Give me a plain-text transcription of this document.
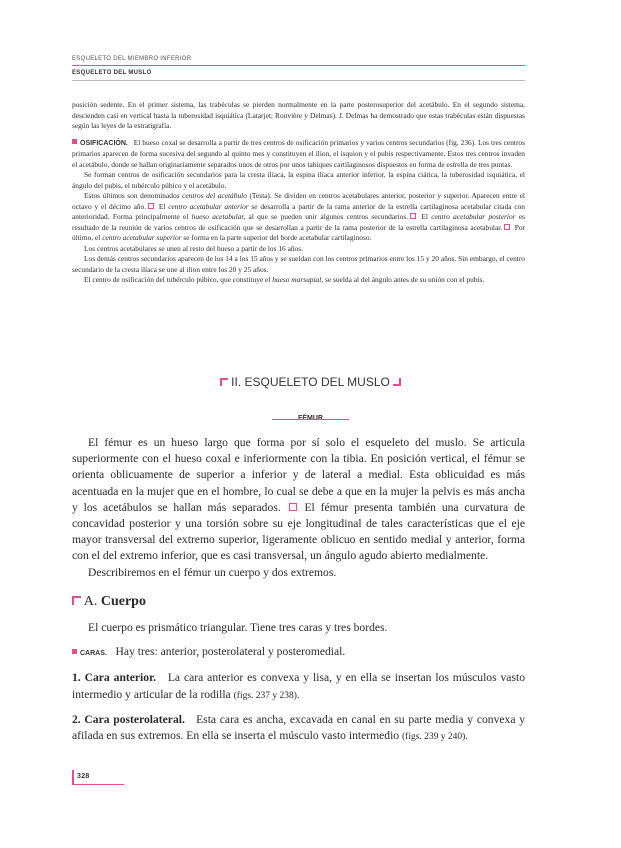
ESQUELETO DEL MIEMBRO INFERIOR
ESQUELETO DEL MUSLO

posición sedente. En el primer sistema, las trabéculas se pierden normalmente en la parte posterosuperior del acetábulo. En el segundo sistema, descienden casi en vertical hasta la tuberosidad isquiática (Latarjet; Rouvière y Delmas). J. Delmas ha demostrado que estas trabéculas están dispuestas según las leyes de la estratigrafía.

OSIFICACIÓN. El hueso coxal se desarrolla a partir de tres centros de osificación primarios y varios centros secundarios (fig. 236). Los tres centros primarios aparecen de forma sucesiva del segundo al quinto mes y constituyen el ilion, el isquion y el pubis respectivamente. Estos tres centros invaden el acetábulo, donde se hallan originariamente separados unos de otros por unos tabiques cartilaginosos dispuestos en forma de estrella de tres puntas.

Se forman centros de osificación secundarios para la cresta ilíaca, la espina ilíaca anterior inferior, la espina ciática, la tuberosidad isquiática, el ángulo del pubis, el tubérculo púbico y el acetábulo.

Estos últimos son denominados centros del acetábulo (Testa). Se dividen en centros acetabulares anterior, posterior y superior. Aparecen entre el octavo y el décimo año. El centro acetabular anterior se desarrolla a partir de la rama anterior de la estrella cartilaginosa acetabular citada con anterioridad. Forma principalmente el hueso acetabular, al que se pueden unir algunos centros secundarios. El centro acetabular posterior es resultado de la reunión de varios centros de osificación que se desarrollan a partir de la rama posterior de la estrella cartilaginosa acetabular. Por último, el centro acetabular superior se forma en la parte superior del borde acetabular cartilaginoso.

Los centros acetabulares se unen al resto del hueso a partir de los 16 años.

Los demás centros secundarios aparecen de los 14 a los 15 años y se sueldan con los centros primarios entre los 15 y 20 años. Sin embargo, el centro secundario de la cresta ilíaca se une al ilion entre los 20 y 25 años.

El centro de osificación del tubérculo púbico, que constituye el hueso marsupial, se suelda al del ángulo antes de su unión con el pubis.

II. ESQUELETO DEL MUSLO

El fémur es un hueso largo que forma por sí solo el esqueleto del muslo. Se articula superiormente con el hueso coxal e inferiormente con la tibia. En posición vertical, el fémur se orienta oblicuamente de superior a inferior y de lateral a medial. Esta oblicuidad es más acentuada en la mujer que en el hombre, lo cual se debe a que en la mujer la pelvis es más ancha y los acetábulos se hallan más separados.  El fémur presenta también una curvatura de concavidad posterior y una torsión sobre su eje longitudinal de tales características que el eje mayor transversal del extremo superior, ligeramente oblicuo en sentido medial y anterior, forma con el del extremo inferior, que es casi transversal, un ángulo agudo abierto medialmente.

Describiremos en el fémur un cuerpo y dos extremos.

A. Cuerpo

El cuerpo es prismático triangular. Tiene tres caras y tres bordes.

CARAS. Hay tres: anterior, posterolateral y posteromedial.

1. Cara anterior. La cara anterior es convexa y lisa, y en ella se insertan los músculos vasto intermedio y articular de la rodilla (figs. 237 y 238).

2. Cara posterolateral. Esta cara es ancha, excavada en canal en su parte media y convexa y afilada en sus extremos. En ella se inserta el músculo vasto intermedio (figs. 239 y 240).

328
